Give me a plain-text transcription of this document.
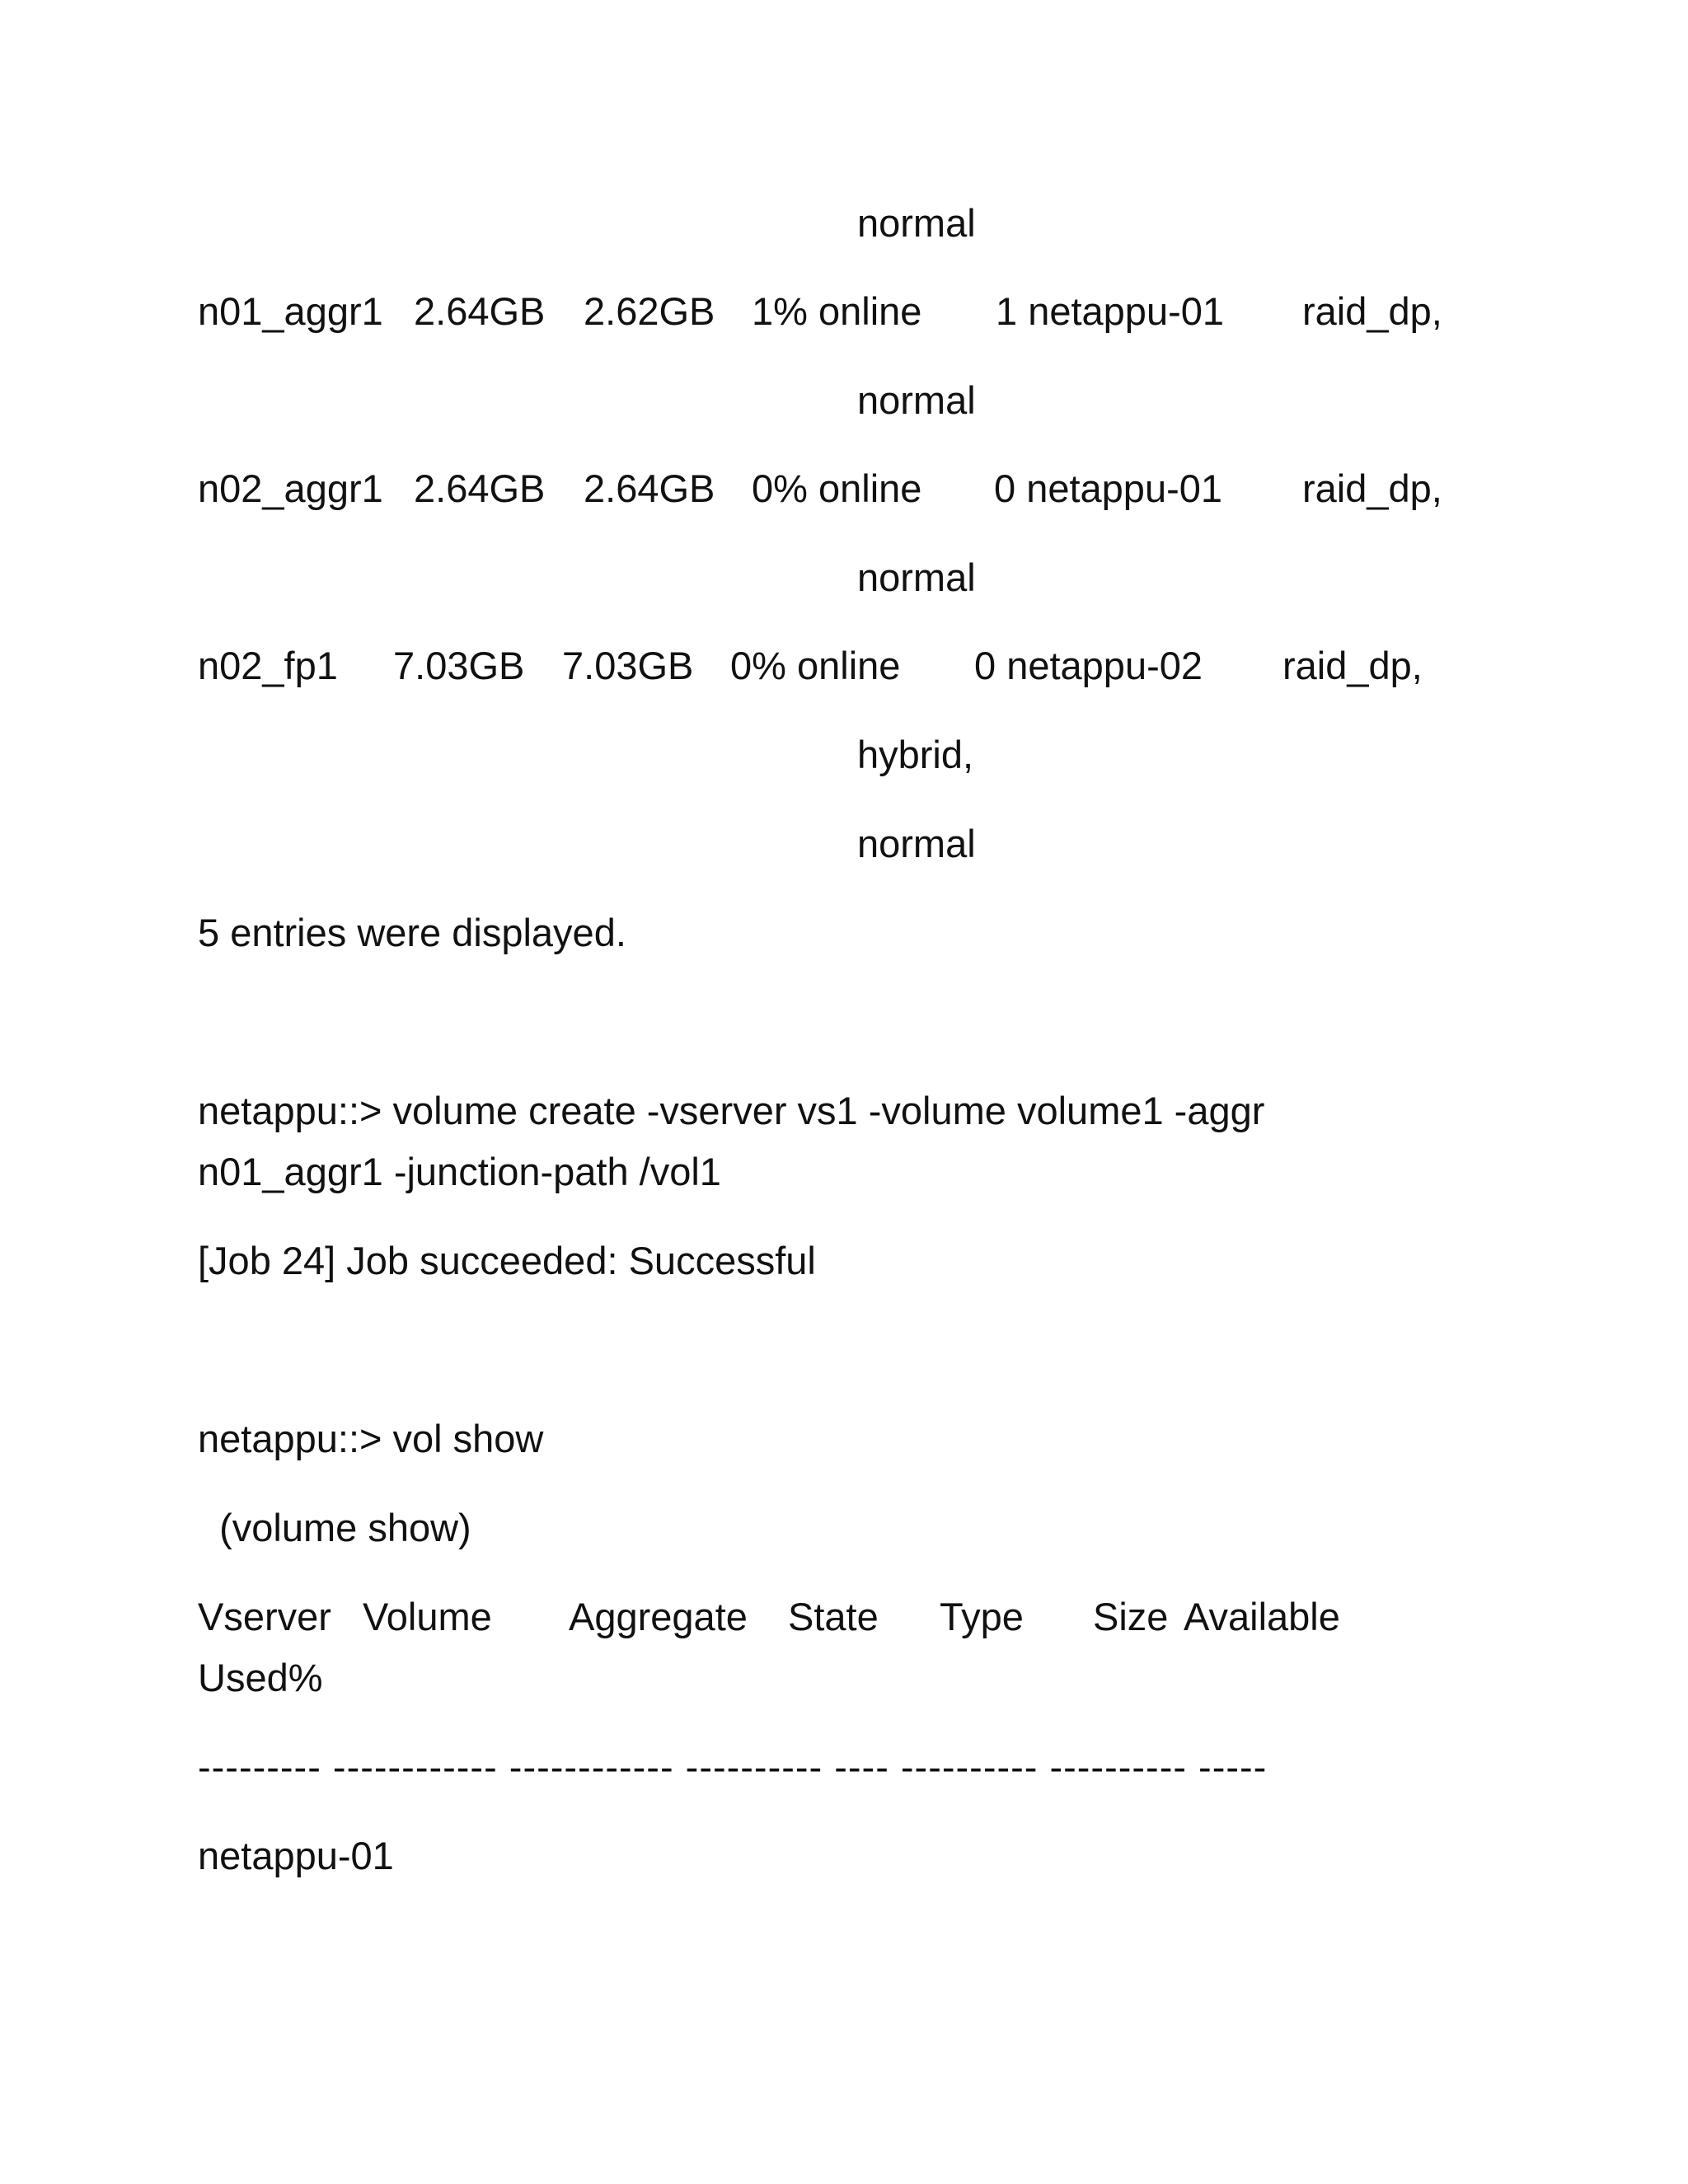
normal
n01_aggr1 2.64GB 2.62GB 1% online 1 netappu-01 raid_dp,
normal
n02_aggr1 2.64GB 2.64GB 0% online 0 netappu-01 raid_dp,
normal
n02_fp1 7.03GB 7.03GB 0% online 0 netappu-02 raid_dp,
hybrid,
normal
5 entries were displayed.
netappu::> volume create -vserver vs1 -volume volume1 -aggr
n01_aggr1 -junction-path /vol1
[Job 24] Job succeeded: Successful
netappu::> vol show
(volume show)
Vserver Volume Aggregate State Type Size Available
Used%
--------- ------------ ------------ ---------- ---- ---------- ---------- -----
netappu-01
